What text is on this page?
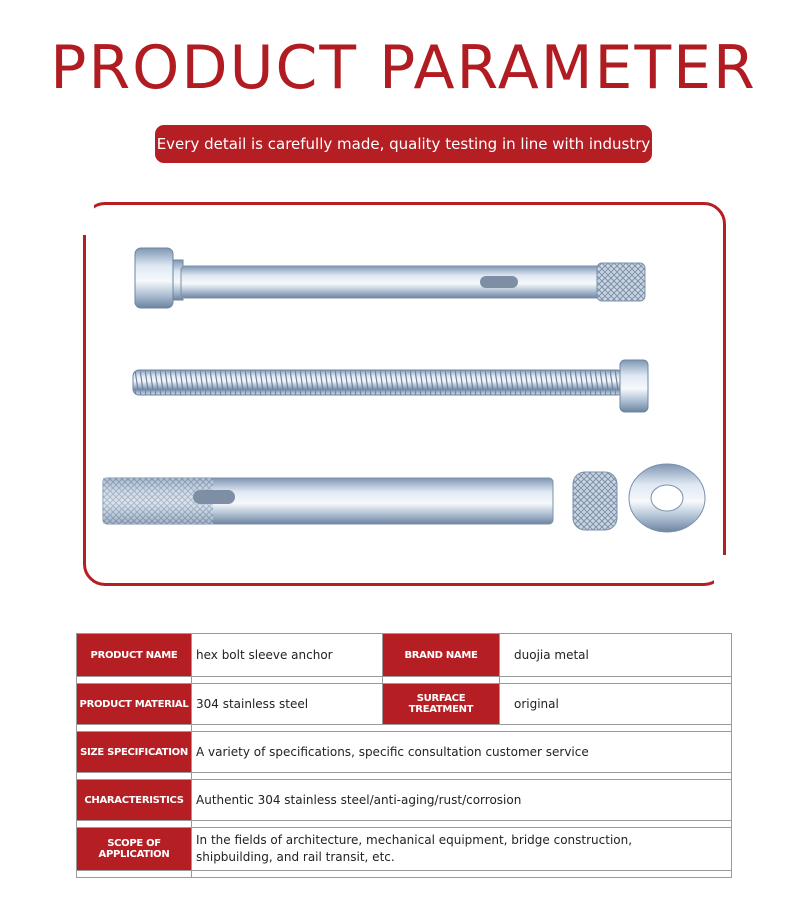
PRODUCT PARAMETER
Every detail is carefully made, quality testing in line with industry
PRODUCT NAME	hex bolt sleeve anchor	BRAND NAME	duojia metal

PRODUCT MATERIAL	304 stainless steel	SURFACE TREATMENT	original

SIZE SPECIFICATION	A variety of specifications, specific consultation customer service		

CHARACTERISTICS	Authentic 304 stainless steel/anti-aging/rust/corrosion		

SCOPE OF APPLICATION	In the fields of architecture, mechanical equipment, bridge construction,
shipbuilding, and rail transit, etc.		
